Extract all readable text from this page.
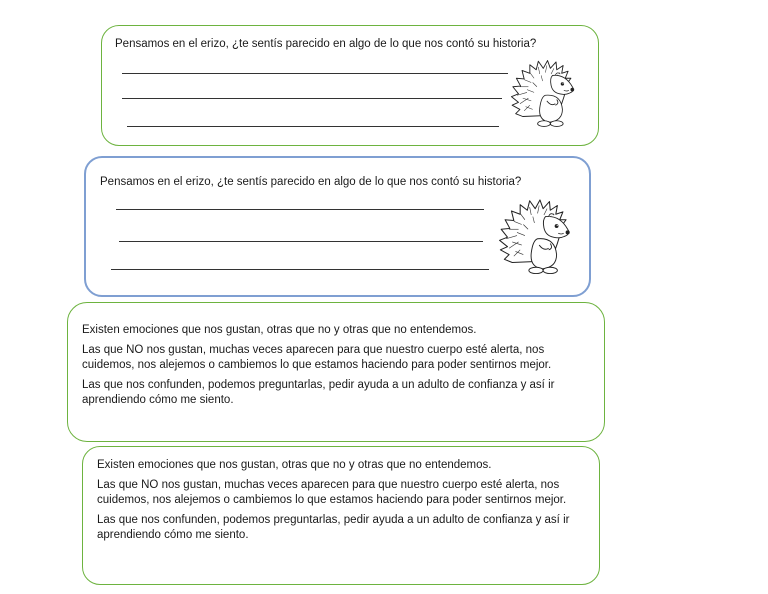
Pensamos en el erizo, ¿te sentís parecido en algo de lo que nos contó su historia?
Pensamos en el erizo, ¿te sentís parecido en algo de lo que nos contó su historia?

Existen emociones que nos gustan, otras que no y otras que no entendemos.

Las que NO nos gustan, muchas veces aparecen para que nuestro cuerpo esté alerta, nos cuidemos, nos alejemos o cambiemos lo que estamos haciendo para poder sentirnos mejor.

Las que nos confunden, podemos preguntarlas, pedir ayuda a un adulto de confianza y así ir aprendiendo cómo me siento.

Existen emociones que nos gustan, otras que no y otras que no entendemos.

Las que NO nos gustan, muchas veces aparecen para que nuestro cuerpo esté alerta, nos cuidemos, nos alejemos o cambiemos lo que estamos haciendo para poder sentirnos mejor.

Las que nos confunden, podemos preguntarlas, pedir ayuda a un adulto de confianza y así ir aprendiendo cómo me siento.
